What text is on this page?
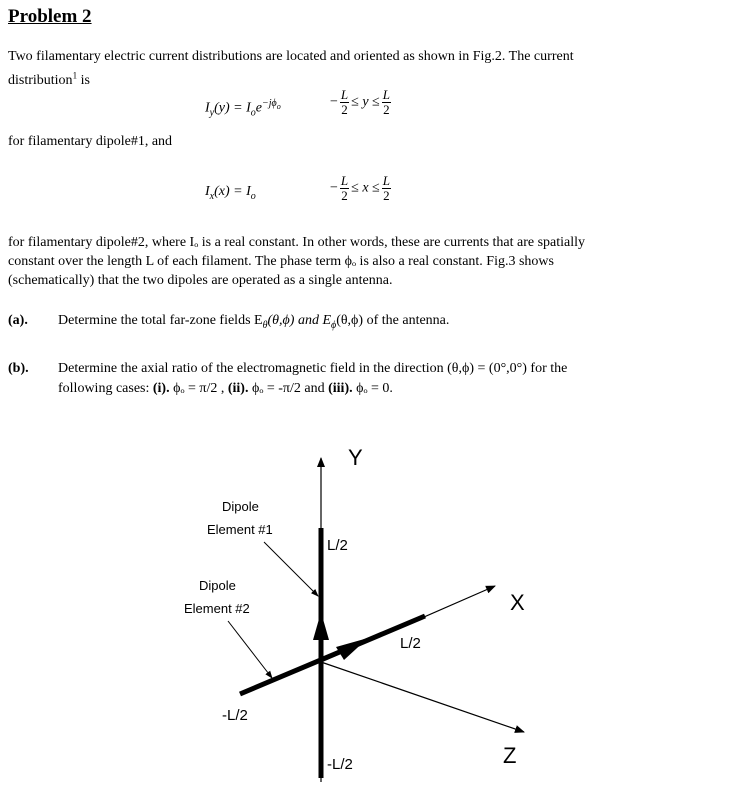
Problem 2
Two filamentary electric current distributions are located and oriented as shown in Fig.2. The current
distribution$^1$ is
$I_y(y) = I_oe^{-j\phi_o}$	− $\frac{L}{2} \le y \le \frac{L}{2}$
for filamentary dipole#1, and
$I_x(x) = I_o$
− $\frac{L}{2} \le x \le \frac{L}{2}$
for filamentary dipole#2, where Iₒ is a real constant. In other words, these are currents that are spatially
constant over the length L of each filament. The phase term ϕₒ is also a real constant. Fig.3 shows
(schematically) that the two dipoles are operated as a single antenna.
(a). Determine the total far-zone fields $E_\theta(\theta,\phi)$ and $E_\phi(\theta,\phi)$ of the antenna.
(b). Determine the axial ratio of the electromagnetic field in the direction (θ,ϕ) = (0°,0°) for the
following cases: (i). ϕₒ = π/2 , (ii). ϕₒ = -π/2 and (iii). ϕₒ = 0.
Y
X
Z
Dipole
Element #1
Dipole
Element #2
L/2
-L/2
L/2
-L/2
